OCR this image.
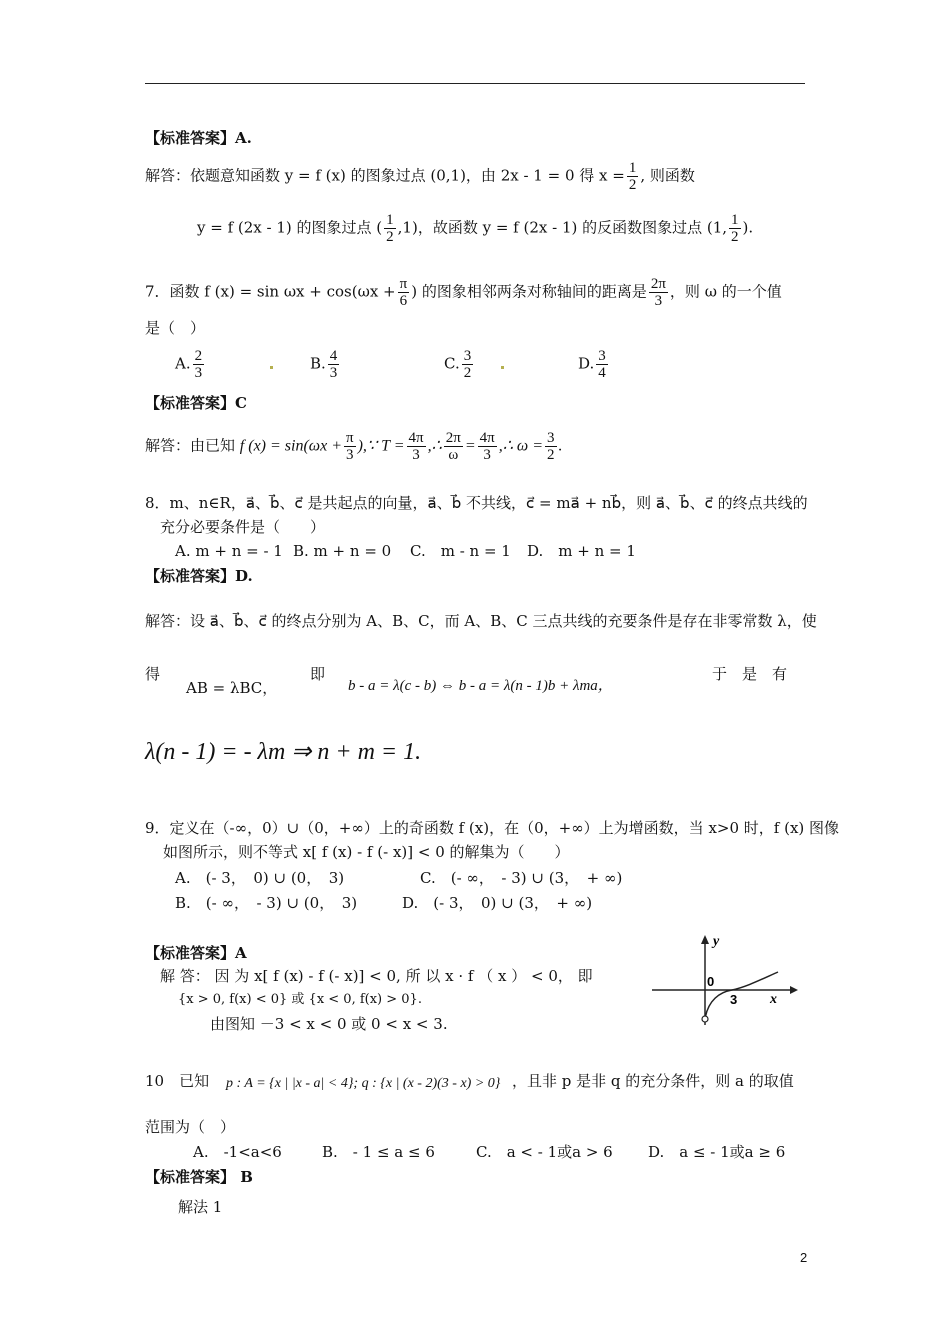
【标准答案】A.
解答：依题意知函数 y = f (x) 的图象过点 (0,1)，由 2x - 1 = 0 得 $x = \frac{1}{2}$ , 则函数
y = f (2x - 1) 的图象过点 ( $\frac{1}{2} ,1$)，故函数 y = f (2x - 1) 的反函数图象过点 (1, $\frac{1}{2}$ ).
7．函数 f $(x) = \sin \omega x + \cos(\omega x + \frac{\pi}{6}$ ) 的图象相邻两条对称轴间的距离是 $\frac{2\pi}{3}$ ，则 ω 的一个值
是（　）
A. $\frac{2}{3}$	B. $\frac{4}{3}$	C. $\frac{3}{2}$	D. $\frac{3}{4}$
【标准答案】C
解答：由已知 f $(x) = \sin(\omega x + \frac{\pi}{3}$ ),∵ $T = \frac{4\pi}{3}$ ,∴ $\frac{2\pi}{\omega} = \frac{4\pi}{3}$ ,∴ $\omega = \frac{3}{2}$ .
8．m、n∈R，a⃗、b⃗、c⃗ 是共起点的向量，a⃗、b⃗ 不共线，c⃗ = ma⃗ + nb⃗，则 a⃗、b⃗、c⃗ 的终点共线的
充分必要条件是（　　）
A. m + n = - 1 B. m + n = 0 C.　m - n = 1 D.　m + n = 1
【标准答案】D.
解答：设 a⃗、b⃗、c⃗ 的终点分别为 A、B、C，而 A、B、C 三点共线的充要条件是存在非零常数 λ，使
得
AB = λBC，
即
b - a = λ(c - b) ⇔ b - a = λ(n - 1)b + λma，
于　是　有
λ(n - 1) = - λm ⇒ n + m = 1.
9．定义在（-∞，0）∪（0，+∞）上的奇函数 f (x)，在（0，+∞）上为增函数，当 x>0 时，f (x) 图像
如图所示，则不等式 x[ f (x) - f (- x)] < 0 的解集为（　　）
A.　(- 3，　0) ∪ (0，　3)	C.　(- ∞，　- 3) ∪ (3，　+ ∞)
B.　(- ∞，　- 3) ∪ (0，　3)	D.　(- 3，　0) ∪ (3，　+ ∞)
【标准答案】A
解 答： 因 为 x[ f (x) - f (- x)] < 0, 所 以 x · f （ x ） < 0， 即
{x > 0, f(x) < 0} 或 {x < 0, f(x) > 0}.
由图知 －3 < x < 0 或 0 < x < 3.
y
x
0
3
10　已知 p : A = {x | |x - a| < 4}; q : {x | (x - 2)(3 - x) > 0} ，且非 p 是非 q 的充分条件，则 a 的取值
范围为（　）
A.　-1<a<6	B.　- 1 ≤ a ≤ 6	C.　a < - 1或a > 6 D.　a ≤ - 1或a ≥ 6
【标准答案】 B
解法 1
2
